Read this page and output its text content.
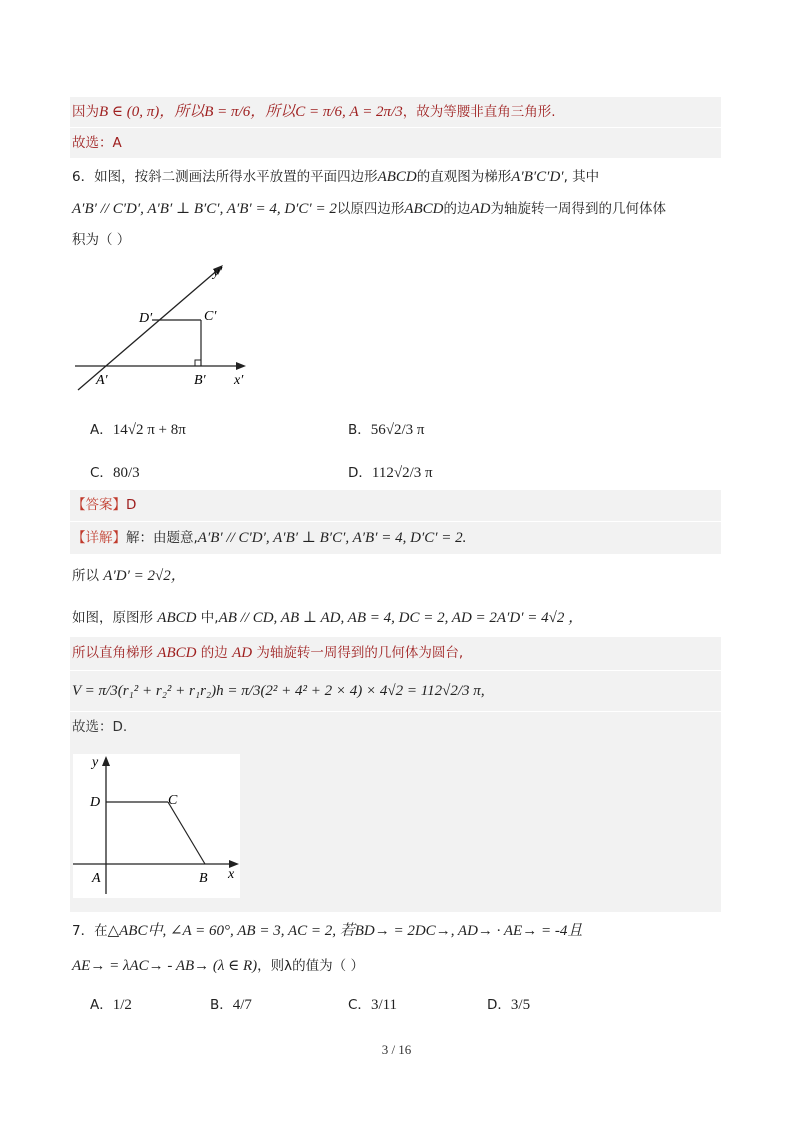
因为B ∈ (0, π)，所以B = π/6，所以C = π/6, A = 2π/3，故为等腰非直角三角形.
故选：A
6．如图，按斜二测画法所得水平放置的平面四边形ABCD的直观图为梯形A′B′C′D′, 其中
A′B′ // C′D′, A′B′ ⊥ B′C′, A′B′ = 4, D′C′ = 2以原四边形ABCD的边AD为轴旋转一周得到的几何体体
积为（ ）
y′
x′
D′	C′
A′	B′
A．14√2 π + 8π	B．56√2/3 π
C．80/3	D．112√2/3 π
【答案】D
【详解】解：由题意,A′B′ // C′D′, A′B′ ⊥ B′C′, A′B′ = 4, D′C′ = 2.
所以 A′D′ = 2√2，
如图，原图形 ABCD 中,AB // CD, AB ⊥ AD, AB = 4, DC = 2, AD = 2A′D′ = 4√2 ，
所以直角梯形 ABCD 的边 AD 为轴旋转一周得到的几何体为圆台,
V = π/3(r₁² + r₂² + r₁r₂)h = π/3(2² + 4² + 2 × 4) × 4√2 = 112√2/3 π,
故选：D.
y
x
D	C
A	B
7．在△ABC中, ∠A = 60°, AB = 3, AC = 2, 若BD→ = 2DC→, AD→ · AE→ = -4且
AE→ = λAC→ - AB→ (λ ∈ R)，则λ的值为（ ）
A．1/2	B．4/7	C．3/11	D．3/5
3 / 16
